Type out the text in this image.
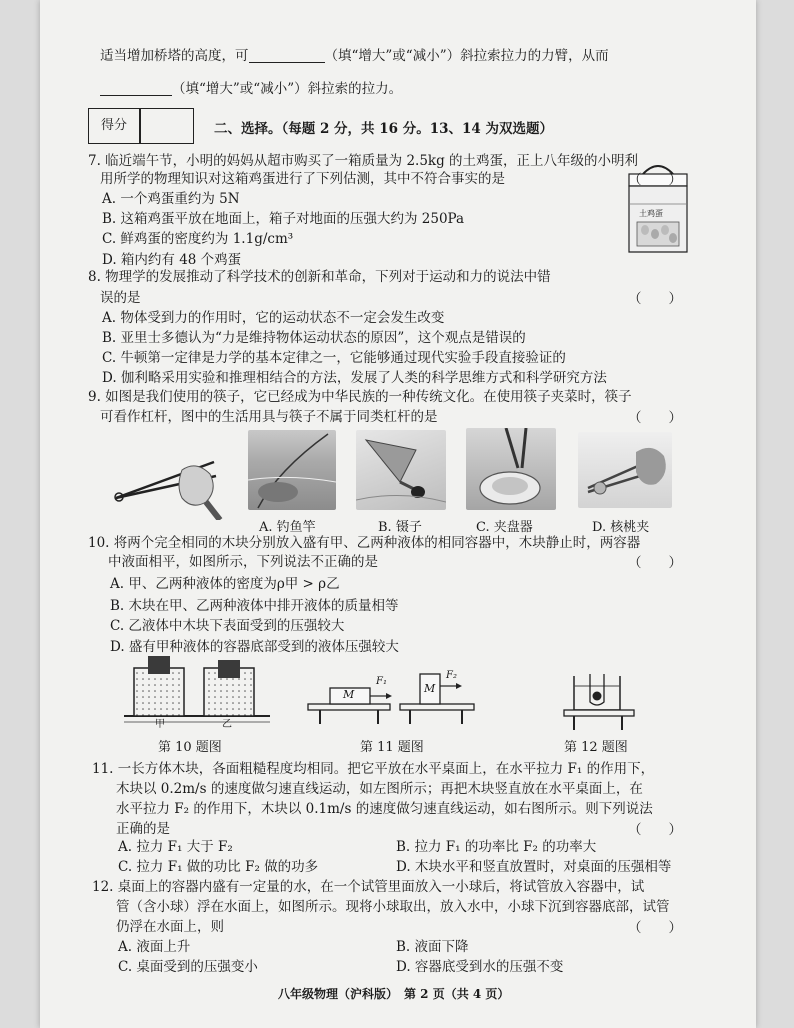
适当增加桥塔的高度，可	（填“增大”或“减小”）斜拉索拉力的力臂，从而
（填“增大”或“减小”）斜拉索的拉力。
得分	二、选择。（每题 2 分，共 16 分。13、14 为双选题）
7. 临近端午节，小明的妈妈从超市购买了一箱质量为 2.5kg 的土鸡蛋，正上八年级的小明利
用所学的物理知识对这箱鸡蛋进行了下列估测，其中不符合事实的是
A. 一个鸡蛋重约为 5N
B. 这箱鸡蛋平放在地面上，箱子对地面的压强大约为 250Pa
C. 鲜鸡蛋的密度约为 1.1g/cm³
D. 箱内约有 48 个鸡蛋
土鸡蛋
（　　）
8. 物理学的发展推动了科学技术的创新和革命，下列对于运动和力的说法中错
误的是	（　　）
A. 物体受到力的作用时，它的运动状态不一定会发生改变
B. 亚里士多德认为“力是维持物体运动状态的原因”，这个观点是错误的
C. 牛顿第一定律是力学的基本定律之一，它能够通过现代实验手段直接验证的
D. 伽利略采用实验和推理相结合的方法，发展了人类的科学思维方式和科学研究方法
9. 如图是我们使用的筷子，它已经成为中华民族的一种传统文化。在使用筷子夹菜时，筷子
可看作杠杆，图中的生活用具与筷子不属于同类杠杆的是	（　　）
A. 钓鱼竿	B. 镊子	C. 夹盘器	D. 核桃夹
10. 将两个完全相同的木块分别放入盛有甲、乙两种液体的相同容器中，木块静止时，两容器
中液面相平，如图所示，下列说法不正确的是	（　　）
A. 甲、乙两种液体的密度为ρ甲 > ρ乙
B. 木块在甲、乙两种液体中排开液体的质量相等
C. 乙液体中木块下表面受到的压强较大
D. 盛有甲种液体的容器底部受到的液体压强较大
甲	乙
M
F₁
M
F₂
第 10 题图	第 11 题图	第 12 题图
11. 一长方体木块，各面粗糙程度均相同。把它平放在水平桌面上，在水平拉力 F₁ 的作用下，
木块以 0.2m/s 的速度做匀速直线运动，如左图所示；再把木块竖直放在水平桌面上，在
水平拉力 F₂ 的作用下，木块以 0.1m/s 的速度做匀速直线运动，如右图所示。则下列说法
正确的是	（　　）
A. 拉力 F₁ 大于 F₂	B. 拉力 F₁ 的功率比 F₂ 的功率大
C. 拉力 F₁ 做的功比 F₂ 做的功多	D. 木块水平和竖直放置时，对桌面的压强相等
12. 桌面上的容器内盛有一定量的水，在一个试管里面放入一小球后，将试管放入容器中，试
管（含小球）浮在水面上，如图所示。现将小球取出，放入水中，小球下沉到容器底部，试管
仍浮在水面上，则	（　　）
A. 液面上升	B. 液面下降
C. 桌面受到的压强变小	D. 容器底受到水的压强不变
八年级物理（沪科版）　第 2 页（共 4 页）
